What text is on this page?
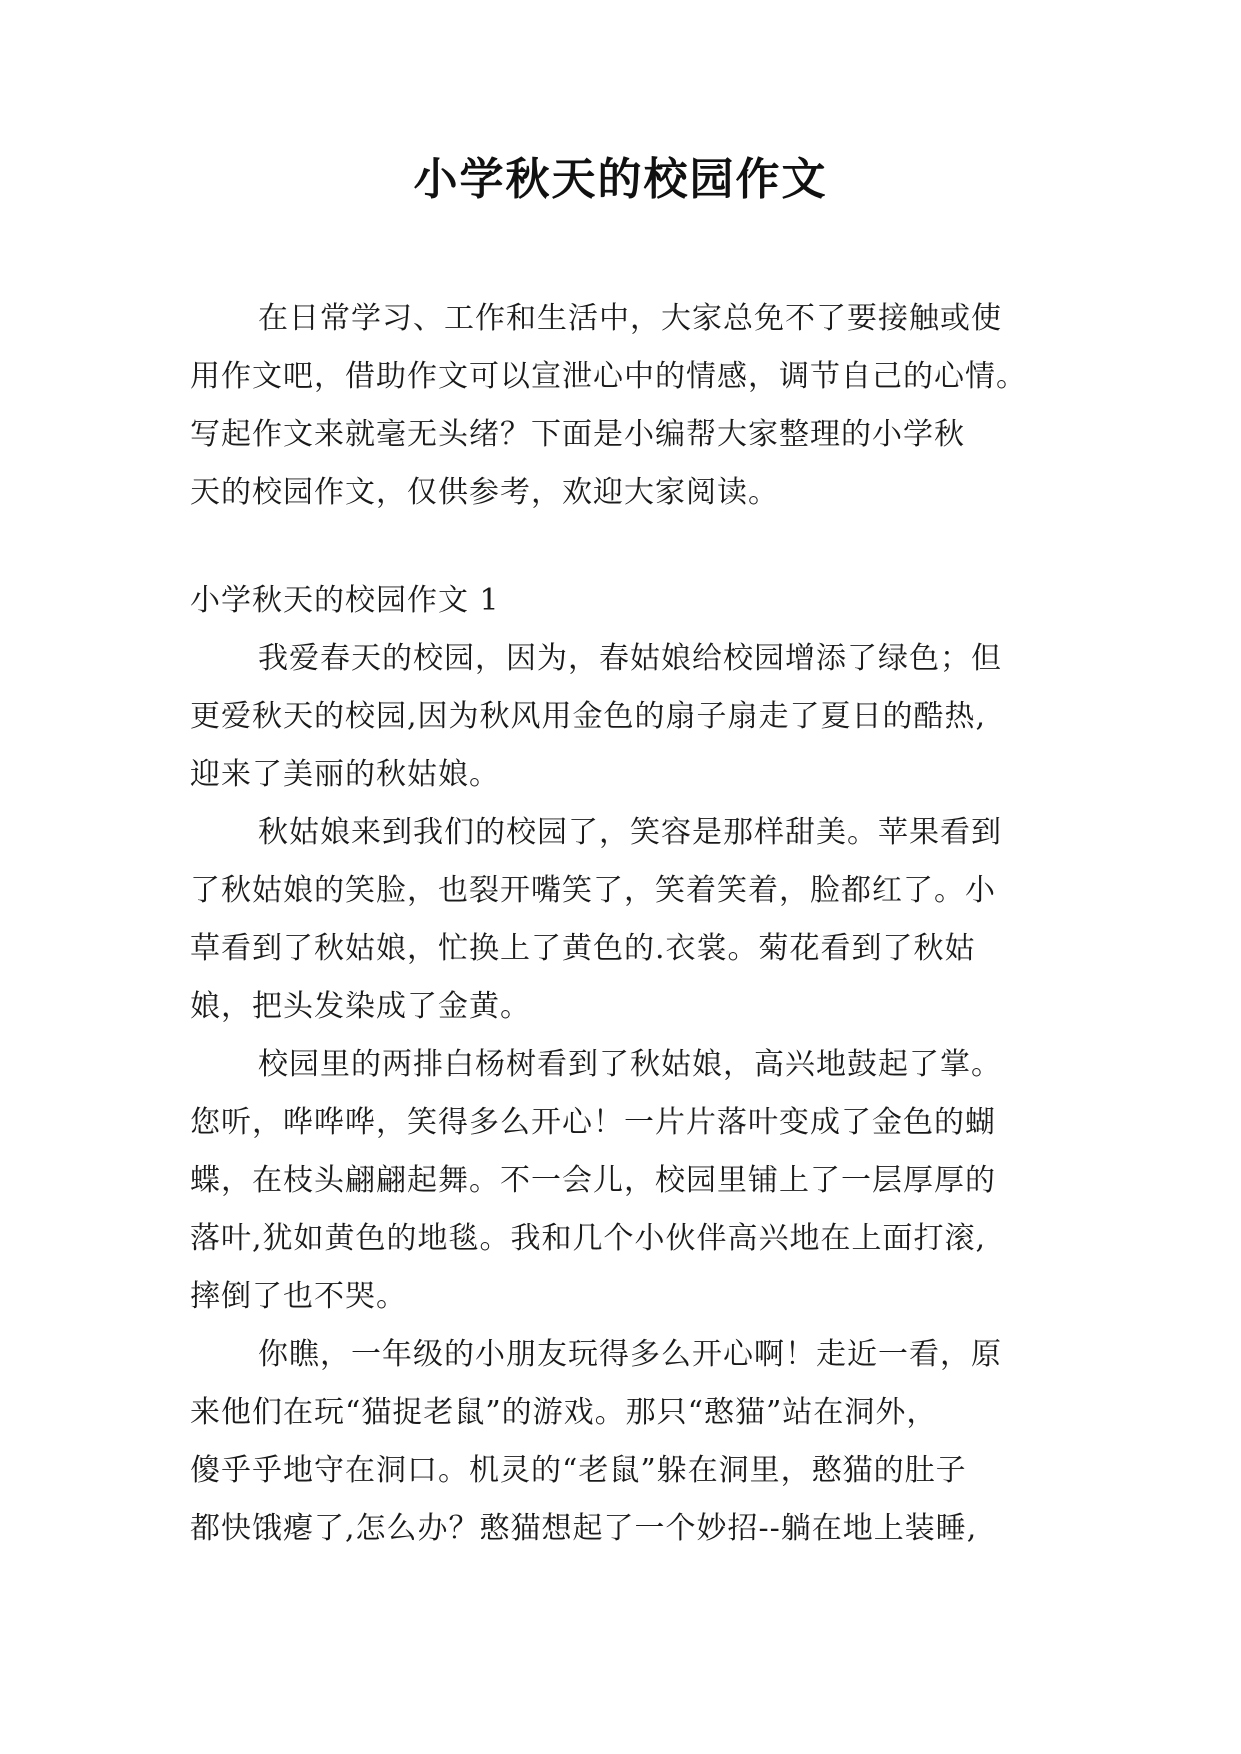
小学秋天的校园作文

在日常学习、工作和生活中，大家总免不了要接触或使
用作文吧，借助作文可以宣泄心中的情感，调节自己的心情。
写起作文来就毫无头绪？下面是小编帮大家整理的小学秋
天的校园作文，仅供参考，欢迎大家阅读。

小学秋天的校园作文 1

我爱春天的校园，因为，春姑娘给校园增添了绿色；但
更爱秋天的校园,因为秋风用金色的扇子扇走了夏日的酷热,
迎来了美丽的秋姑娘。

秋姑娘来到我们的校园了，笑容是那样甜美。苹果看到
了秋姑娘的笑脸，也裂开嘴笑了，笑着笑着，脸都红了。小
草看到了秋姑娘，忙换上了黄色的.衣裳。菊花看到了秋姑
娘，把头发染成了金黄。

校园里的两排白杨树看到了秋姑娘，高兴地鼓起了掌。
您听，哗哗哗，笑得多么开心！一片片落叶变成了金色的蝴
蝶，在枝头翩翩起舞。不一会儿，校园里铺上了一层厚厚的
落叶,犹如黄色的地毯。我和几个小伙伴高兴地在上面打滚,
摔倒了也不哭。

你瞧，一年级的小朋友玩得多么开心啊！走近一看，原
来他们在玩“猫捉老鼠”的游戏。那只“憨猫”站在洞外，
傻乎乎地守在洞口。机灵的“老鼠”躲在洞里，憨猫的肚子
都快饿瘪了,怎么办？憨猫想起了一个妙招--躺在地上装睡,
